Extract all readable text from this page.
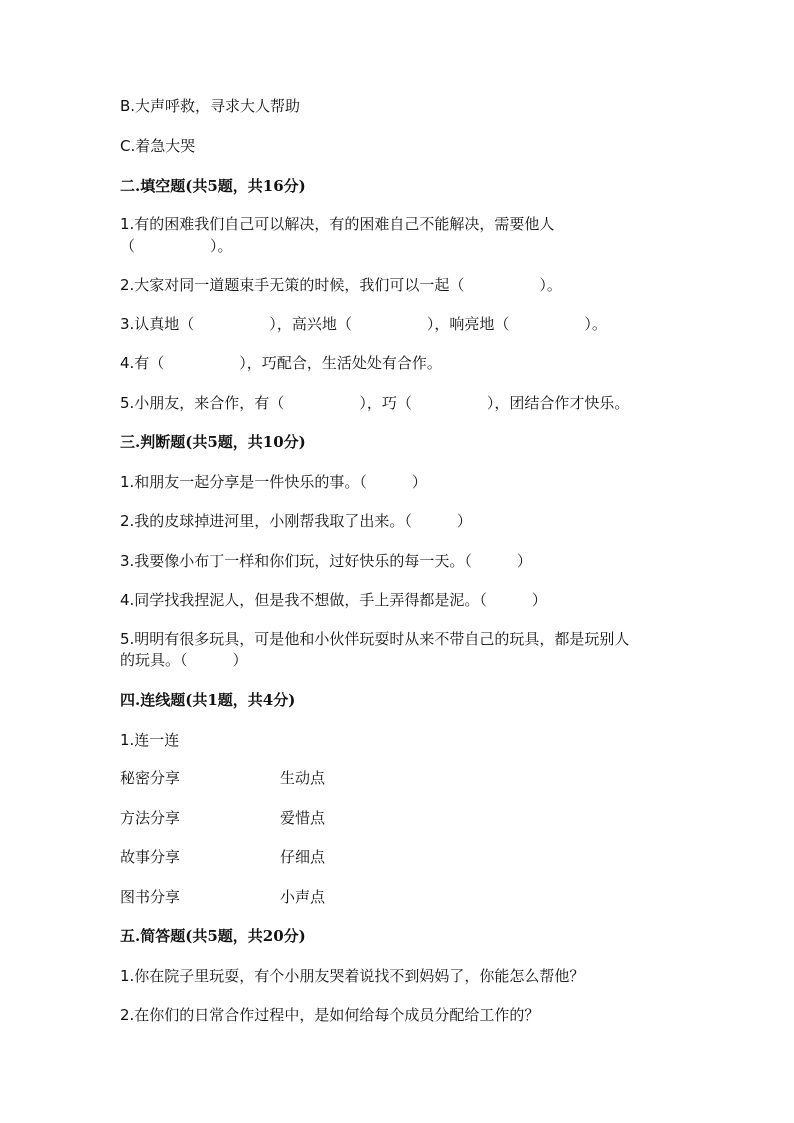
B.大声呼救，寻求大人帮助
C.着急大哭
二.填空题(共5题，共16分)
1.有的困难我们自己可以解决，有的困难自己不能解决，需要他人
（　　　　　）。
2.大家对同一道题束手无策的时候，我们可以一起（　　　　　）。
3.认真地（　　　　　），高兴地（　　　　　），响亮地（　　　　　）。
4.有（　　　　　），巧配合，生活处处有合作。
5.小朋友，来合作，有（　　　　　），巧（　　　　　），团结合作才快乐。
三.判断题(共5题，共10分)
1.和朋友一起分享是一件快乐的事。（　　　）
2.我的皮球掉进河里，小刚帮我取了出来。（　　　）
3.我要像小布丁一样和你们玩，过好快乐的每一天。（　　　）
4.同学找我捏泥人，但是我不想做，手上弄得都是泥。（　　　）
5.明明有很多玩具，可是他和小伙伴玩耍时从来不带自己的玩具，都是玩别人
的玩具。（　　　）
四.连线题(共1题，共4分)
1.连一连
秘密分享	生动点
方法分享	爱惜点
故事分享	仔细点
图书分享	小声点
五.简答题(共5题，共20分)
1.你在院子里玩耍，有个小朋友哭着说找不到妈妈了，你能怎么帮他？
2.在你们的日常合作过程中，是如何给每个成员分配给工作的？
